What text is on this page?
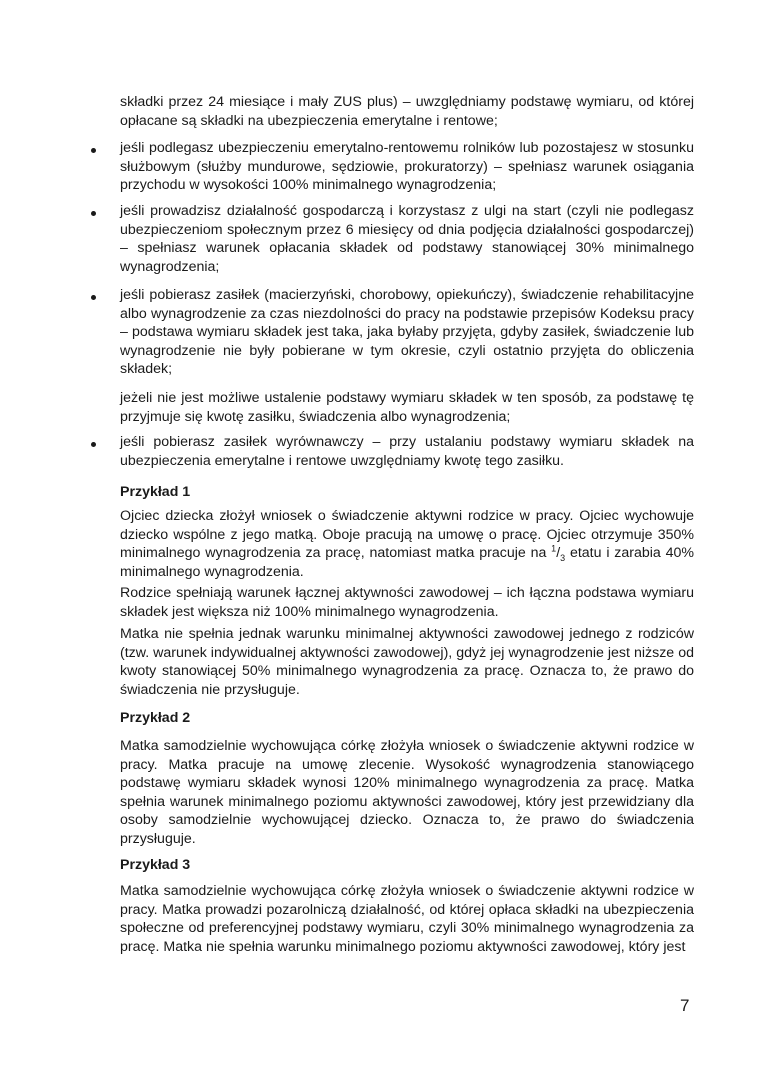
składki przez 24 miesiące i mały ZUS plus) – uwzględniamy podstawę wymiaru, od której opłacane są składki na ubezpieczenia emerytalne i rentowe;

jeśli podlegasz ubezpieczeniu emerytalno-rentowemu rolników lub pozostajesz w stosunku służbowym (służby mundurowe, sędziowie, prokuratorzy) – spełniasz warunek osiągania przychodu w wysokości 100% minimalnego wynagrodzenia;

jeśli prowadzisz działalność gospodarczą i korzystasz z ulgi na start (czyli nie podlegasz ubezpieczeniom społecznym przez 6 miesięcy od dnia podjęcia działalności gospodarczej) – spełniasz warunek opłacania składek od podstawy stanowiącej 30% minimalnego wynagrodzenia;

jeśli pobierasz zasiłek (macierzyński, chorobowy, opiekuńczy), świadczenie rehabilitacyjne albo wynagrodzenie za czas niezdolności do pracy na podstawie przepisów Kodeksu pracy – podstawa wymiaru składek jest taka, jaka byłaby przyjęta, gdyby zasiłek, świadczenie lub wynagrodzenie nie były pobierane w tym okresie, czyli ostatnio przyjęta do obliczenia składek;

jeżeli nie jest możliwe ustalenie podstawy wymiaru składek w ten sposób, za podstawę tę przyjmuje się kwotę zasiłku, świadczenia albo wynagrodzenia;

jeśli pobierasz zasiłek wyrównawczy – przy ustalaniu podstawy wymiaru składek na ubezpieczenia emerytalne i rentowe uwzględniamy kwotę tego zasiłku.

Przykład 1

Ojciec dziecka złożył wniosek o świadczenie aktywni rodzice w pracy. Ojciec wychowuje dziecko wspólne z jego matką. Oboje pracują na umowę o pracę. Ojciec otrzymuje 350% minimalnego wynagrodzenia za pracę, natomiast matka pracuje na $^1/_3$ etatu i zarabia 40% minimalnego wynagrodzenia.

Rodzice spełniają warunek łącznej aktywności zawodowej – ich łączna podstawa wymiaru składek jest większa niż 100% minimalnego wynagrodzenia.

Matka nie spełnia jednak warunku minimalnej aktywności zawodowej jednego z rodziców (tzw. warunek indywidualnej aktywności zawodowej), gdyż jej wynagrodzenie jest niższe od kwoty stanowiącej 50% minimalnego wynagrodzenia za pracę. Oznacza to, że prawo do świadczenia nie przysługuje.

Przykład 2

Matka samodzielnie wychowująca córkę złożyła wniosek o świadczenie aktywni rodzice w pracy. Matka pracuje na umowę zlecenie. Wysokość wynagrodzenia stanowiącego podstawę wymiaru składek wynosi 120% minimalnego wynagrodzenia za pracę. Matka spełnia warunek minimalnego poziomu aktywności zawodowej, który jest przewidziany dla osoby samodzielnie wychowującej dziecko. Oznacza to, że prawo do świadczenia przysługuje.

Przykład 3

Matka samodzielnie wychowująca córkę złożyła wniosek o świadczenie aktywni rodzice w pracy. Matka prowadzi pozarolniczą działalność, od której opłaca składki na ubezpieczenia społeczne od preferencyjnej podstawy wymiaru, czyli 30% minimalnego wynagrodzenia za pracę. Matka nie spełnia warunku minimalnego poziomu aktywności zawodowej, który jest

7
